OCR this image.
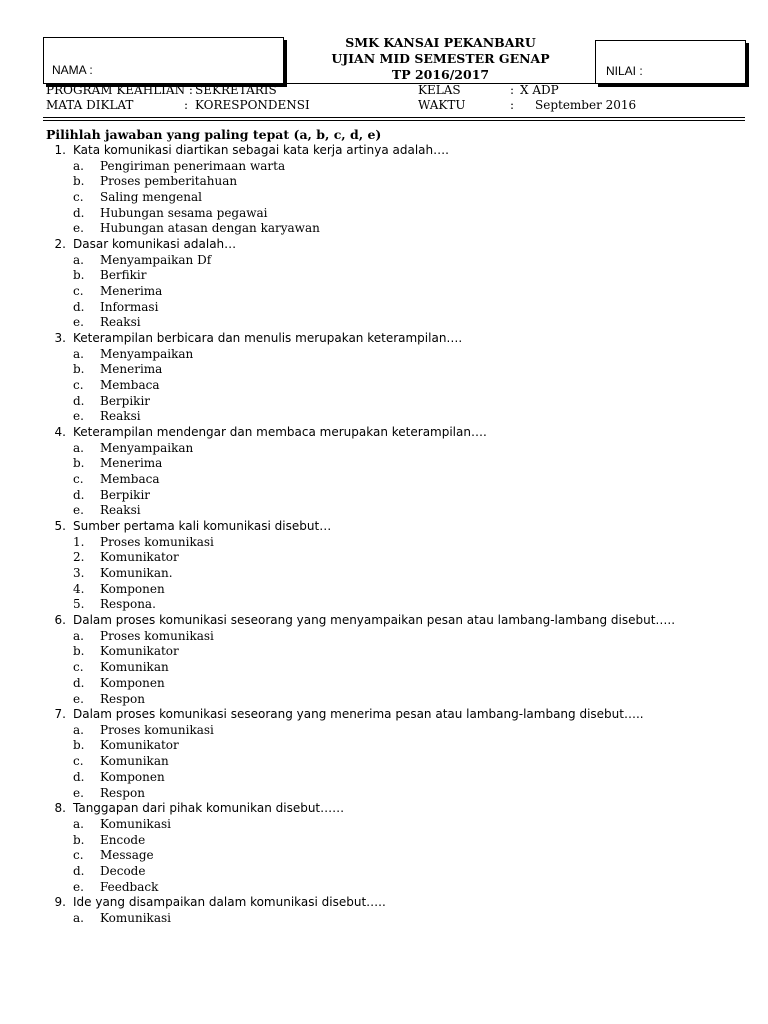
NAMA :
SMK KANSAI PEKANBARU
UJIAN MID SEMESTER GENAP
TP 2016/2017	NILAI :
PROGRAM KEAHLIAN : SEKRETARIS	KELAS	: X ADP
MATA DIKLAT	: KORESPONDENSI	WAKTU	: September 2016
Pilihlah jawaban yang paling tepat (a, b, c, d, e)
1. Kata komunikasi diartikan sebagai kata kerja artinya adalah….
a. Pengiriman penerimaan warta
b. Proses pemberitahuan
c. Saling mengenal
d. Hubungan sesama pegawai
e. Hubungan atasan dengan karyawan
2. Dasar komunikasi adalah…
a. Menyampaikan Df
b. Berfikir
c. Menerima
d. Informasi
e. Reaksi
3. Keterampilan berbicara dan menulis merupakan keterampilan….
a. Menyampaikan
b. Menerima
c. Membaca
d. Berpikir
e. Reaksi
4. Keterampilan mendengar dan membaca merupakan keterampilan….
a. Menyampaikan
b. Menerima
c. Membaca
d. Berpikir
e. Reaksi
5. Sumber pertama kali komunikasi disebut…
1. Proses komunikasi
2. Komunikator
3. Komunikan.
4. Komponen
5. Respona.
6. Dalam proses komunikasi seseorang yang menyampaikan pesan atau lambang-lambang disebut…..
a. Proses komunikasi
b. Komunikator
c. Komunikan
d. Komponen
e. Respon
7. Dalam proses komunikasi seseorang yang menerima pesan atau lambang-lambang disebut…..
a. Proses komunikasi
b. Komunikator
c. Komunikan
d. Komponen
e. Respon
8. Tanggapan dari pihak komunikan disebut……
a. Komunikasi
b. Encode
c. Message
d. Decode
e. Feedback
9. Ide yang disampaikan dalam komunikasi disebut…..
a. Komunikasi
